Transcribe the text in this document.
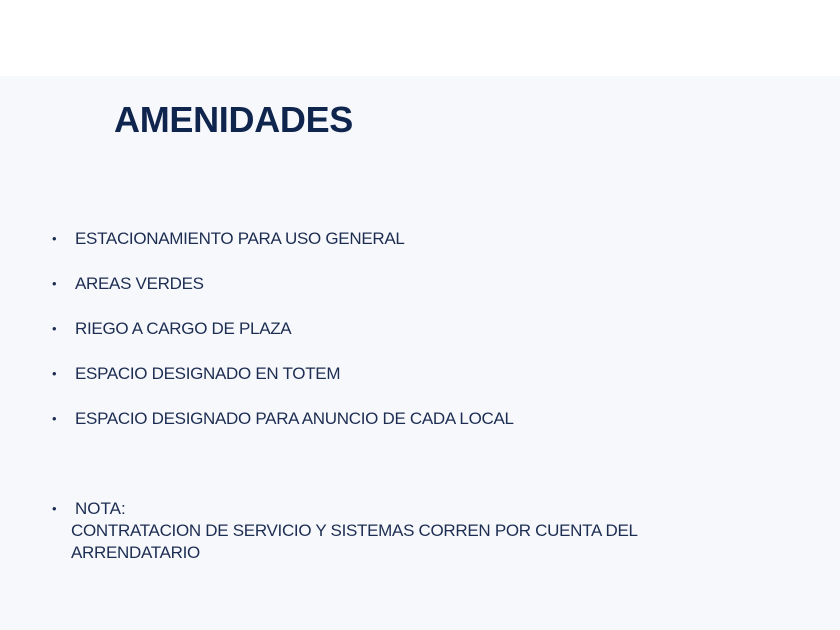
AMENIDADES
• ESTACIONAMIENTO PARA USO GENERAL
• AREAS VERDES
• RIEGO A CARGO DE PLAZA
• ESPACIO DESIGNADO EN TOTEM
• ESPACIO DESIGNADO PARA ANUNCIO DE CADA LOCAL
• NOTA:
CONTRATACION DE SERVICIO Y SISTEMAS CORREN POR CUENTA DEL
ARRENDATARIO
